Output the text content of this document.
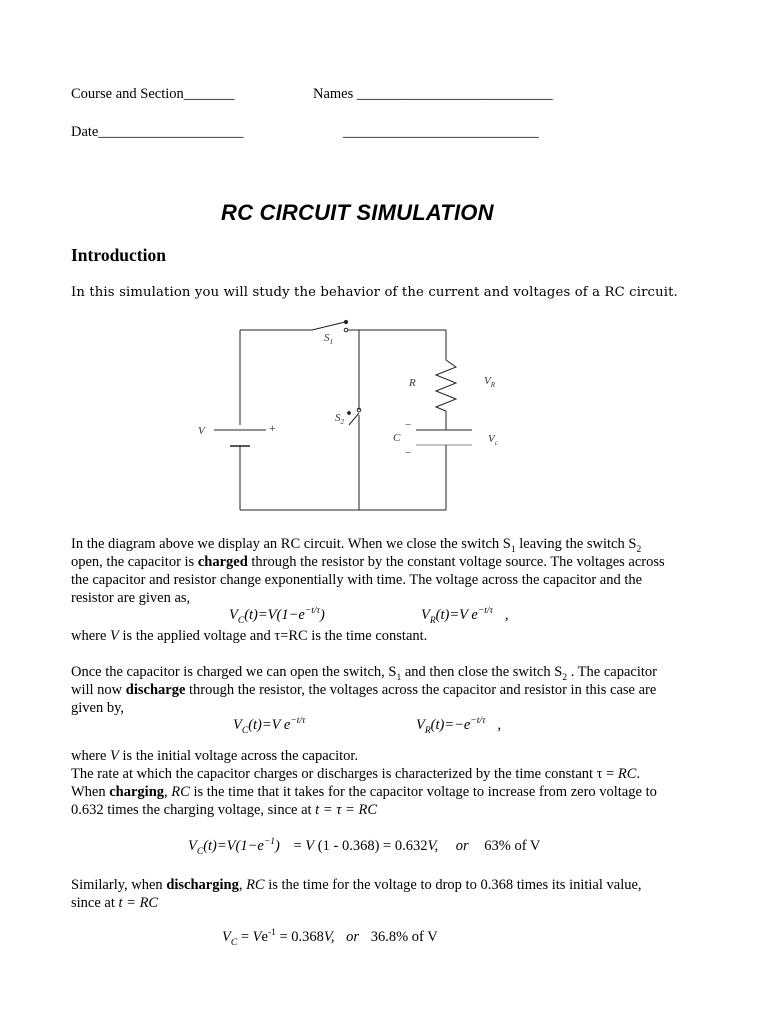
Course and Section_______	Names ___________________________
Date____________________	___________________________
RC CIRCUIT SIMULATION
Introduction
In this simulation you will study the behavior of the current and voltages of a RC circuit.
V	+
$S_1$
$S_2$
R	$V_R$
−
C
−
$V_c$

In the diagram above we display an RC circuit. When we close the switch $S_1$ leaving the switch $S_2$

open, the capacitor is charged through the resistor by the constant voltage source. The voltages across

the capacitor and resistor change exponentially with time. The voltage across the capacitor and the

resistor are given as,

$V_C(t)=V(1-e^{-t/\tau})$	$V_R(t)=V$ $e^{-t/\tau}$ ,

where V is the applied voltage and τ=RC is the time constant.

Once the capacitor is charged we can open the switch, $S_1$ and then close the switch $S_2$ . The capacitor

will now discharge through the resistor, the voltages across the capacitor and resistor in this case are

given by,

$V_C(t)=V$ $e^{-t/\tau}$	$V_R(t)=-e^{-t/\tau}$ ,

where V is the initial voltage across the capacitor.

The rate at which the capacitor charges or discharges is characterized by the time constant τ = RC.

When charging, RC is the time that it takes for the capacitor voltage to increase from zero voltage to

0.632 times the charging voltage, since at t = τ = RC

$V_C(t)=V(1-e^{-1}) = V$ (1 - 0.368) = 0.632V, or 63% of V

Similarly, when discharging, RC is the time for the voltage to drop to 0.368 times its initial value,

since at t = RC

$V_C = Ve^{-1} = 0.368V$, or 36.8% of V
